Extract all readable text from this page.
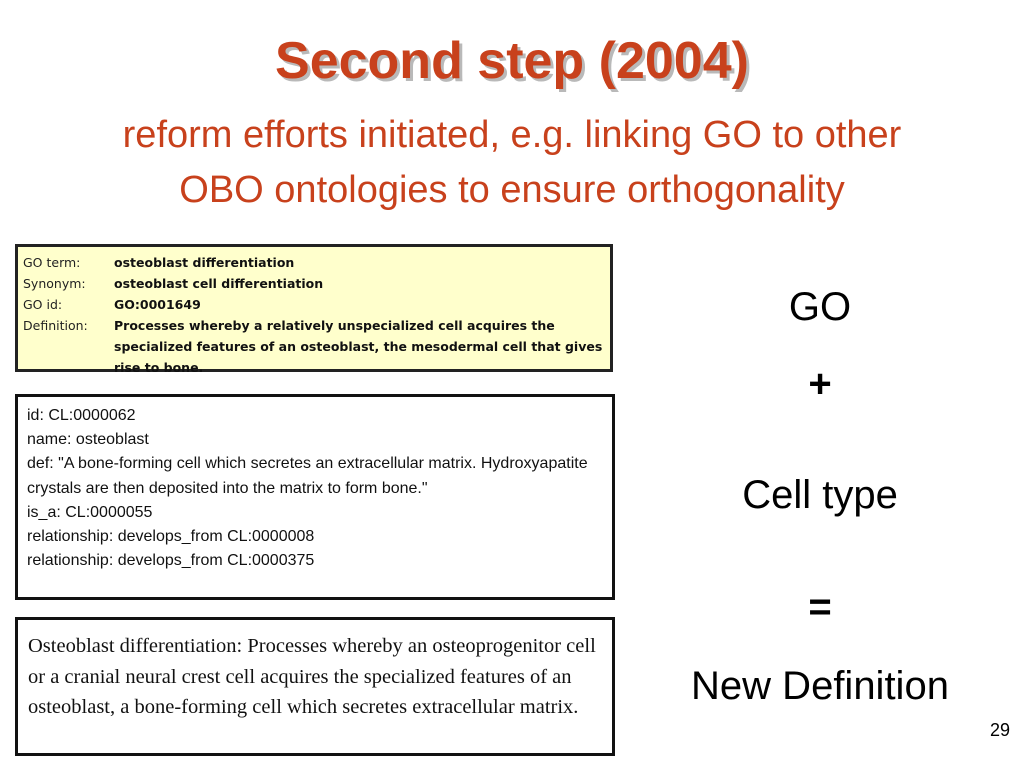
Second step (2004)
reform efforts initiated, e.g. linking GO to other
OBO ontologies to ensure orthogonality
GO term:	osteoblast differentiation
Synonym:	osteoblast cell differentiation
GO id:	GO:0001649
Definition:	Processes whereby a relatively unspecialized cell acquires the specialized features of an osteoblast, the mesodermal cell that gives rise to bone.
id: CL:0000062
name: osteoblast
def: "A bone-forming cell which secretes an extracellular matrix. Hydroxyapatite crystals are then deposited into the matrix to form bone."
is_a: CL:0000055
relationship: develops_from CL:0000008
relationship: develops_from CL:0000375
Osteoblast differentiation: Processes whereby an osteoprogenitor cell or a cranial neural crest cell acquires the specialized features of an osteoblast, a bone-forming cell which secretes extracellular matrix.
GO
+
Cell type
=
New Definition
29
